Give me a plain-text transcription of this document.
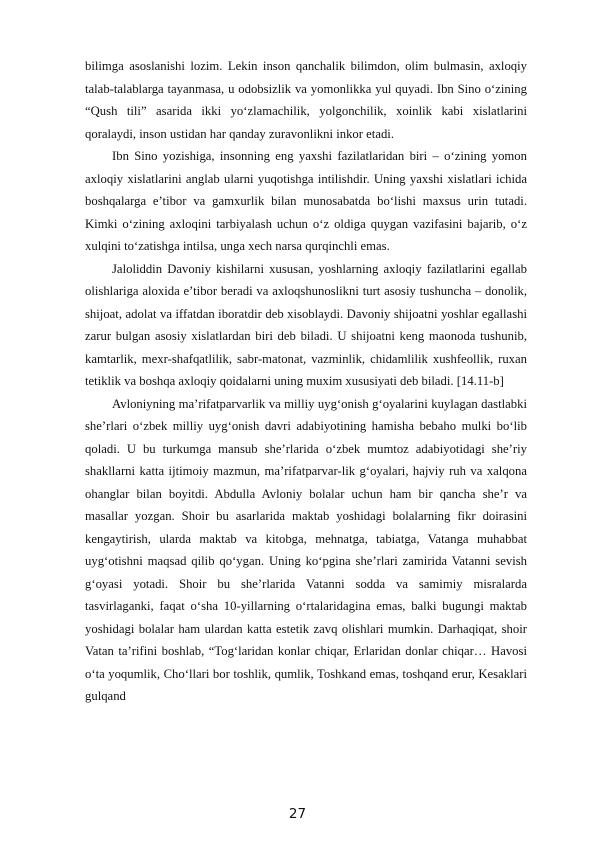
bilimga asoslanishi lozim. Lekin inson qanchalik bilimdon, olim bulmasin, axloqiy talab-talablarga tayanmasa, u odobsizlik va yomonlikka yul quyadi. Ibn Sino o‘zining “Qush tili” asarida ikki yo‘zlamachilik, yolgonchilik, xoinlik kabi xislatlarini qoralaydi, inson ustidan har qanday zuravonlikni inkor etadi.

Ibn Sino yozishiga, insonning eng yaxshi fazilatlaridan biri – o‘zining yomon axloqiy xislatlarini anglab ularni yuqotishga intilishdir. Uning yaxshi xislatlari ichida boshqalarga e’tibor va gamxurlik bilan munosabatda bo‘lishi maxsus urin tutadi. Kimki o‘zining axloqini tarbiyalash uchun o‘z oldiga quygan vazifasini bajarib, o‘z xulqini to‘zatishga intilsa, unga xech narsa qurqinchli emas.

Jaloliddin Davoniy kishilarni xususan, yoshlarning axloqiy fazilatlarini egallab olishlariga aloxida e’tibor beradi va axloqshunoslikni turt asosiy tushuncha – donolik, shijoat, adolat va iffatdan iboratdir deb xisoblaydi. Davoniy shijoatni yoshlar egallashi zarur bulgan asosiy xislatlardan biri deb biladi. U shijoatni keng maonoda tushunib, kamtarlik, mexr-shafqatlilik, sabr-matonat, vazminlik, chidamlilik xushfeollik, ruxan tetiklik va boshqa axloqiy qoidalarni uning muxim xususiyati deb biladi. [14.11-b]

Avloniyning ma’rifatparvarlik va milliy uyg‘onish g‘oyalarini kuylagan dastlabki she’rlari o‘zbek milliy uyg‘onish davri adabiyotining hamisha bebaho mulki bo‘lib qoladi. U bu turkumga mansub she’rlarida o‘zbek mumtoz adabiyotidagi she’riy shakllarni katta ijtimoiy mazmun, ma’rifatparvar-lik g‘oyalari, hajviy ruh va xalqona ohanglar bilan boyitdi. Abdulla Avloniy bolalar uchun ham bir qancha she’r va masallar yozgan. Shoir bu asarlarida maktab yoshidagi bolalarning fikr doirasini kengaytirish, ularda maktab va kitobga, mehnatga, tabiatga, Vatanga muhabbat uyg‘otishni maqsad qilib qo‘ygan. Uning ko‘pgina she’rlari zamirida Vatanni sevish g‘oyasi yotadi. Shoir bu she’rlarida Vatanni sodda va samimiy misralarda tasvirlaganki, faqat o‘sha 10-yillarning o‘rtalaridagina emas, balki bugungi maktab yoshidagi bolalar ham ulardan katta estetik zavq olishlari mumkin. Darhaqiqat, shoir Vatan ta’rifini boshlab, “Tog‘laridan konlar chiqar, Erlaridan donlar chiqar… Havosi o‘ta yoqumlik, Cho‘llari bor toshlik, qumlik, Toshkand emas, toshqand erur, Kesaklari gulqand

27
